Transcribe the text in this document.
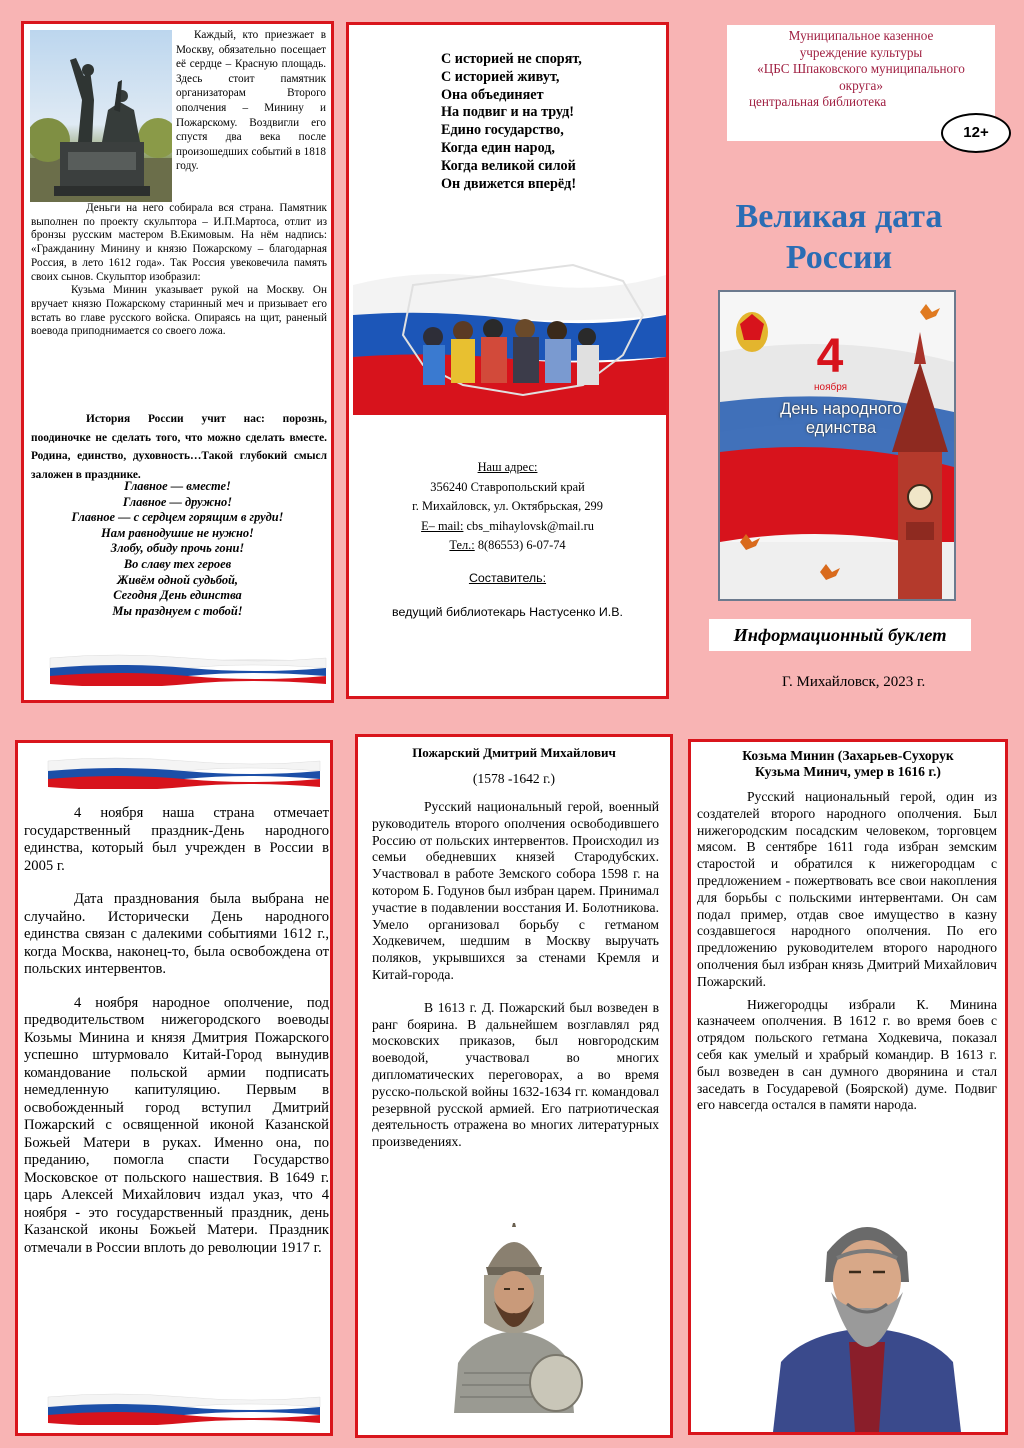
Каждый, кто приезжает в Москву, обязательно посещает её сердце – Красную площадь. Здесь стоит памятник организаторам Второго ополчения – Минину и Пожарскому. Воздвигли его спустя два века после произошедших событий в 1818 году.

Деньги на него собирала вся страна. Памятник выполнен по проекту скульптора – И.П.Мартоса, отлит из бронзы русским мастером В.Екимовым. На нём надпись: «Гражданину Минину и князю Пожарскому – благодарная Россия, в лето 1612 года». Так Россия увековечила память своих сынов. Скульптор изобразил:

Кузьма Минин указывает рукой на Москву. Он вручает князю Пожарскому старинный меч и призывает его встать во главе русского войска. Опираясь на щит, раненый воевода приподнимается со своего ложа.

История России учит нас: порознь, поодиночке не сделать того, что можно сделать вместе. Родина, единство, духовность…Такой глубокий смысл заложен в празднике.

Главное — вместе!
Главное — дружно!
Главное — с сердцем горящим в груди!
Нам равнодушие не нужно!
Злобу, обиду прочь гони!
Во славу тех героев
Живём одной судьбой,
Сегодня День единства
Мы празднуем с тобой!
С историей не спорят,
С историей живут,
Она объединяет
На подвиг и на труд!
Едино государство,
Когда един народ,
Когда великой силой
Он движется вперёд!
Наш адрес:
356240 Ставропольский край
г. Михайловск, ул. Октябрьская, 299
E– mail: cbs_mihaylovsk@mail.ru
Тел.: 8(86553) 6-07-74
Составитель:
ведущий библиотекарь Настусенко И.В.
Муниципальное казенное
учреждение культуры
«ЦБС Шпаковского муниципального
округа»
центральная библиотека
12+
Великая дата
России
4
ноября
День народного
единства
Информационный буклет
Г. Михайловск, 2023 г.

4 ноября наша страна отмечает государственный праздник-День народного единства, который был учрежден в России в 2005 г.

Дата празднования была выбрана не случайно. Исторически День народного единства связан с далекими событиями 1612 г., когда Москва, наконец-то, была освобождена от польских интервентов.

4 ноября народное ополчение, под предводительством нижегородского воеводы Козьмы Минина и князя Дмитрия Пожарского успешно штурмовало Китай-Город вынудив командование польской армии подписать немедленную капитуляцию. Первым в освобожденный город вступил Дмитрий Пожарский с освященной иконой Казанской Божьей Матери в руках. Именно она, по преданию, помогла спасти Государство Московское от польского нашествия. В 1649 г. царь Алексей Михайлович издал указ, что 4 ноября - это государственный праздник, день Казанской иконы Божьей Матери. Праздник отмечали в России вплоть до революции 1917 г.

Пожарский Дмитрий Михайлович
(1578 -1642 г.)

Русский национальный герой, военный руководитель второго ополчения освободившего Россию от польских интервентов. Происходил из семьи обедневших князей Стародубских. Участвовал в работе Земского собора 1598 г. на котором Б. Годунов был избран царем. Принимал участие в подавлении восстания И. Болотникова. Умело организовал борьбу с гетманом Ходкевичем, шедшим в Москву выручать поляков, укрывшихся за стенами Кремля и Китай-города.

В 1613 г. Д. Пожарский был возведен в ранг боярина. В дальнейшем возглавлял ряд московских приказов, был новгородским воеводой, участвовал во многих дипломатических переговорах, а во время русско-польской войны 1632-1634 гг. командовал резервной русской армией. Его патриотическая деятельность отражена во многих литературных произведениях.

Козьма Минин (Захарьев-Сухорук
Кузьма Минич, умер в 1616 г.)

Русский национальный герой, один из создателей второго народного ополчения. Был нижегородским посадским человеком, торговцем мясом. В сентябре 1611 года избран земским старостой и обратился к нижегородцам с предложением - пожертвовать все свои накопления для борьбы с польскими интервентами. Он сам подал пример, отдав свое имущество в казну создавшегося народного ополчения. По его предложению руководителем второго народного ополчения был избран князь Дмитрий Михайлович Пожарский.

Нижегородцы избрали К. Минина казначеем ополчения. В 1612 г. во время боев с отрядом польского гетмана Ходкевича, показал себя как умелый и храбрый командир. В 1613 г. был возведен в сан думного дворянина и стал заседать в Государевой (Боярской) думе. Подвиг его навсегда остался в памяти народа.
